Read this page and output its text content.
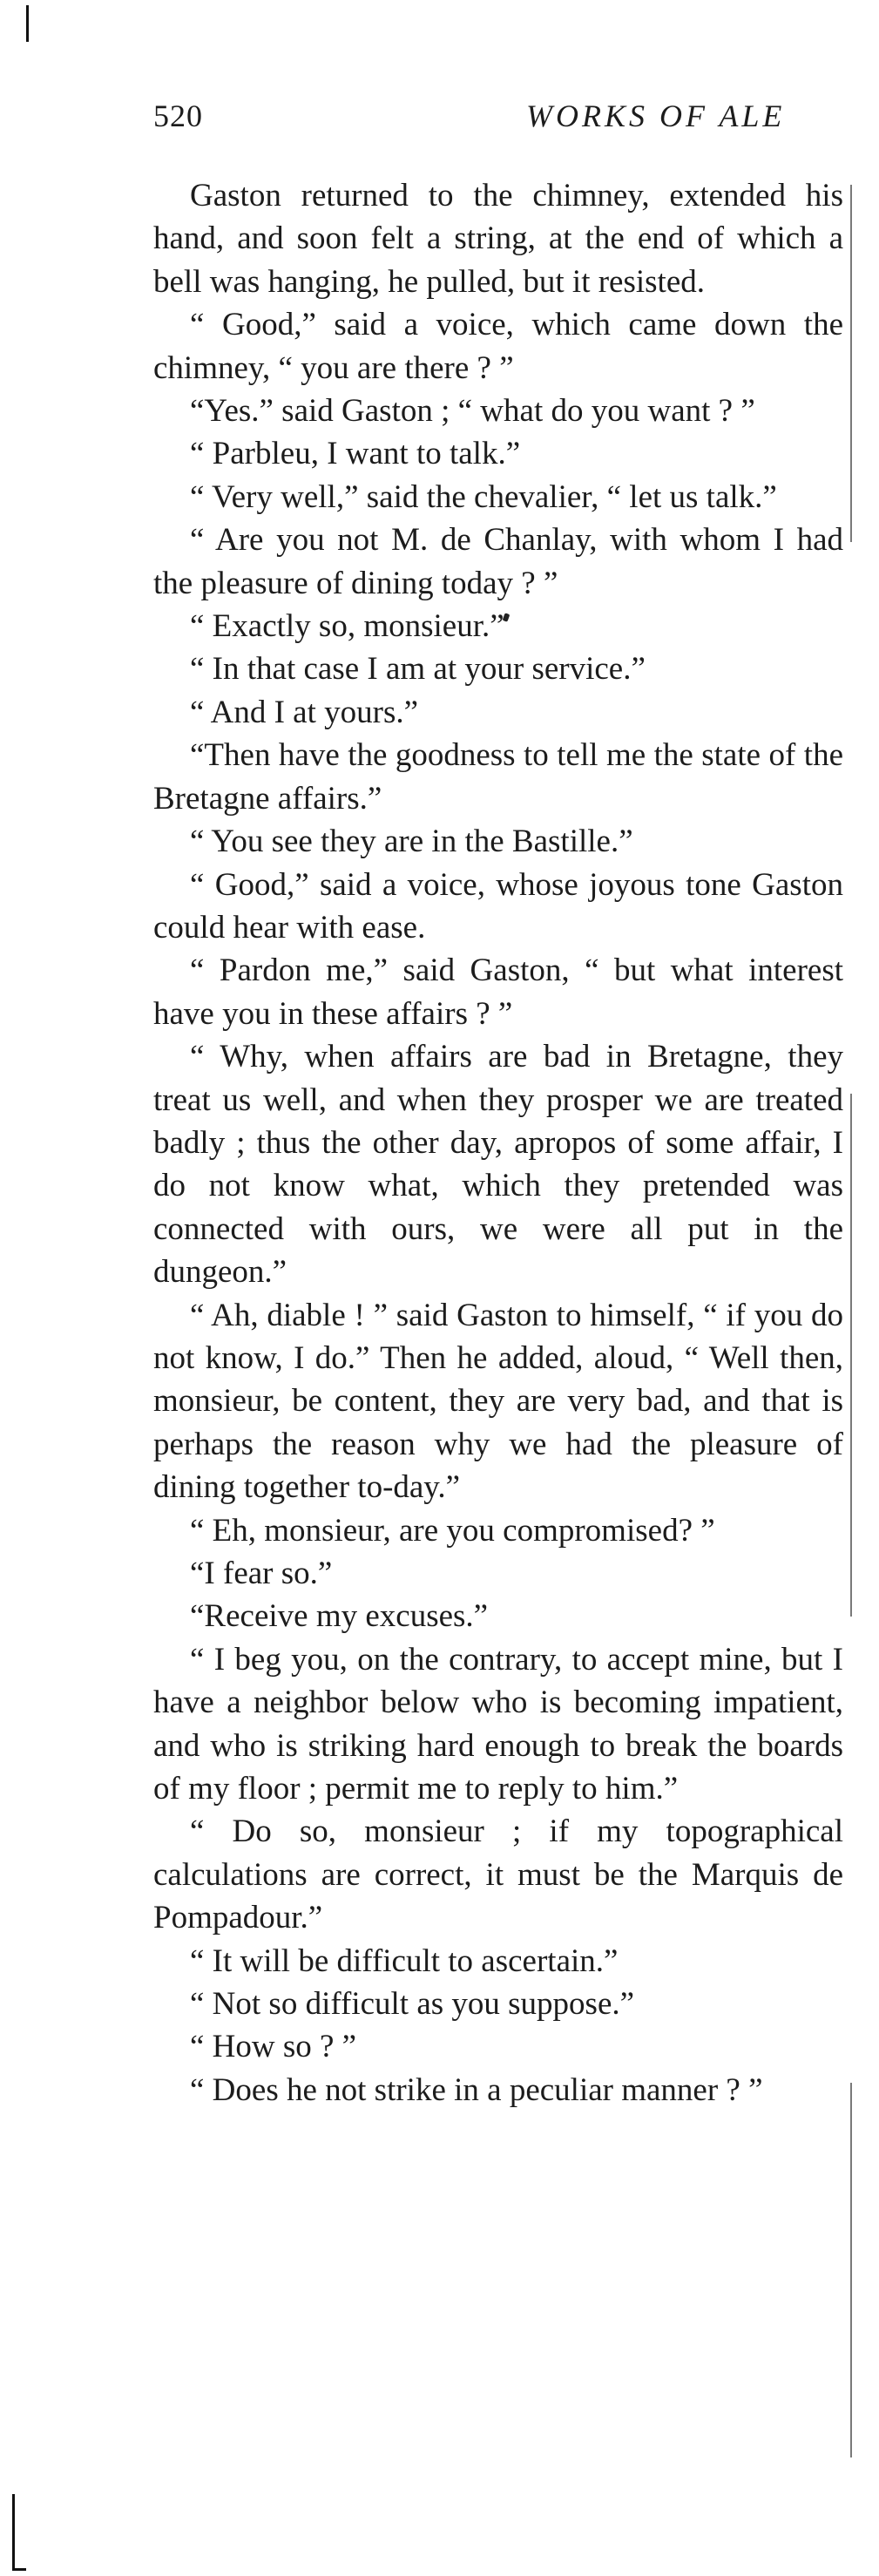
520	WORKS OF ALE

Gaston returned to the chimney, extended his hand, and soon felt a string, at the end of which a bell was hanging, he pulled, but it resisted.

“ Good,” said a voice, which came down the chimney, “ you are there ? ”

“Yes.” said Gaston ; “ what do you want ? ”

“ Parbleu, I want to talk.”

“ Very well,” said the chevalier, “ let us talk.”

“ Are you not M. de Chanlay, with whom I had the pleasure of dining today ? ”

“ Exactly so, monsieur.”

“ In that case I am at your service.”

“ And I at yours.”

“Then have the goodness to tell me the state of the Bretagne affairs.”

“ You see they are in the Bastille.”

“ Good,” said a voice, whose joyous tone Gaston could hear with ease.

“ Pardon me,” said Gaston, “ but what interest have you in these affairs ? ”

“ Why, when affairs are bad in Bretagne, they treat us well, and when they prosper we are treated badly ; thus the other day, apropos of some affair, I do not know what, which they pretended was connected with ours, we were all put in the dungeon.”

“ Ah, diable ! ” said Gaston to himself, “ if you do not know, I do.” Then he added, aloud, “ Well then, monsieur, be content, they are very bad, and that is perhaps the reason why we had the pleasure of dining together to-day.”

“ Eh, monsieur, are you compromised? ”

“I fear so.”

“Receive my excuses.”

“ I beg you, on the contrary, to accept mine, but I have a neighbor below who is becoming impatient, and who is striking hard enough to break the boards of my floor ; permit me to reply to him.”

“ Do so, monsieur ; if my topographical calculations are correct, it must be the Marquis de Pompadour.”

“ It will be difficult to ascertain.”

“ Not so difficult as you suppose.”

“ How so ? ”

“ Does he not strike in a peculiar manner ? ”
